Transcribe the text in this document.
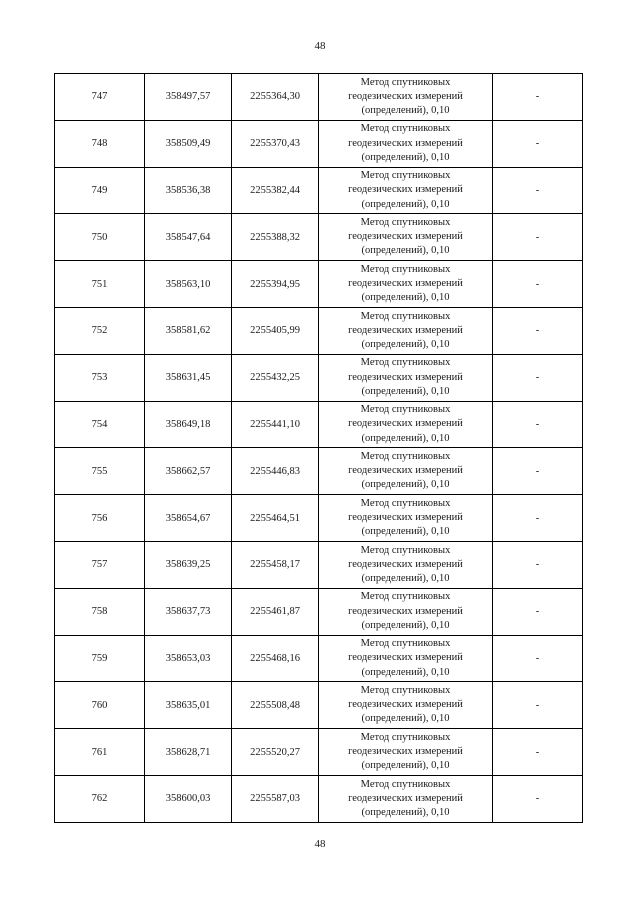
48
747	358497,57	2255364,30	Метод спутниковых
геодезических измерений
(определений), 0,10	-
748	358509,49	2255370,43	Метод спутниковых
геодезических измерений
(определений), 0,10	-
749	358536,38	2255382,44	Метод спутниковых
геодезических измерений
(определений), 0,10	-
750	358547,64	2255388,32	Метод спутниковых
геодезических измерений
(определений), 0,10	-
751	358563,10	2255394,95	Метод спутниковых
геодезических измерений
(определений), 0,10	-
752	358581,62	2255405,99	Метод спутниковых
геодезических измерений
(определений), 0,10	-
753	358631,45	2255432,25	Метод спутниковых
геодезических измерений
(определений), 0,10	-
754	358649,18	2255441,10	Метод спутниковых
геодезических измерений
(определений), 0,10	-
755	358662,57	2255446,83	Метод спутниковых
геодезических измерений
(определений), 0,10	-
756	358654,67	2255464,51	Метод спутниковых
геодезических измерений
(определений), 0,10	-
757	358639,25	2255458,17	Метод спутниковых
геодезических измерений
(определений), 0,10	-
758	358637,73	2255461,87	Метод спутниковых
геодезических измерений
(определений), 0,10	-
759	358653,03	2255468,16	Метод спутниковых
геодезических измерений
(определений), 0,10	-
760	358635,01	2255508,48	Метод спутниковых
геодезических измерений
(определений), 0,10	-
761	358628,71	2255520,27	Метод спутниковых
геодезических измерений
(определений), 0,10	-
762	358600,03	2255587,03	Метод спутниковых
геодезических измерений
(определений), 0,10	-
48
